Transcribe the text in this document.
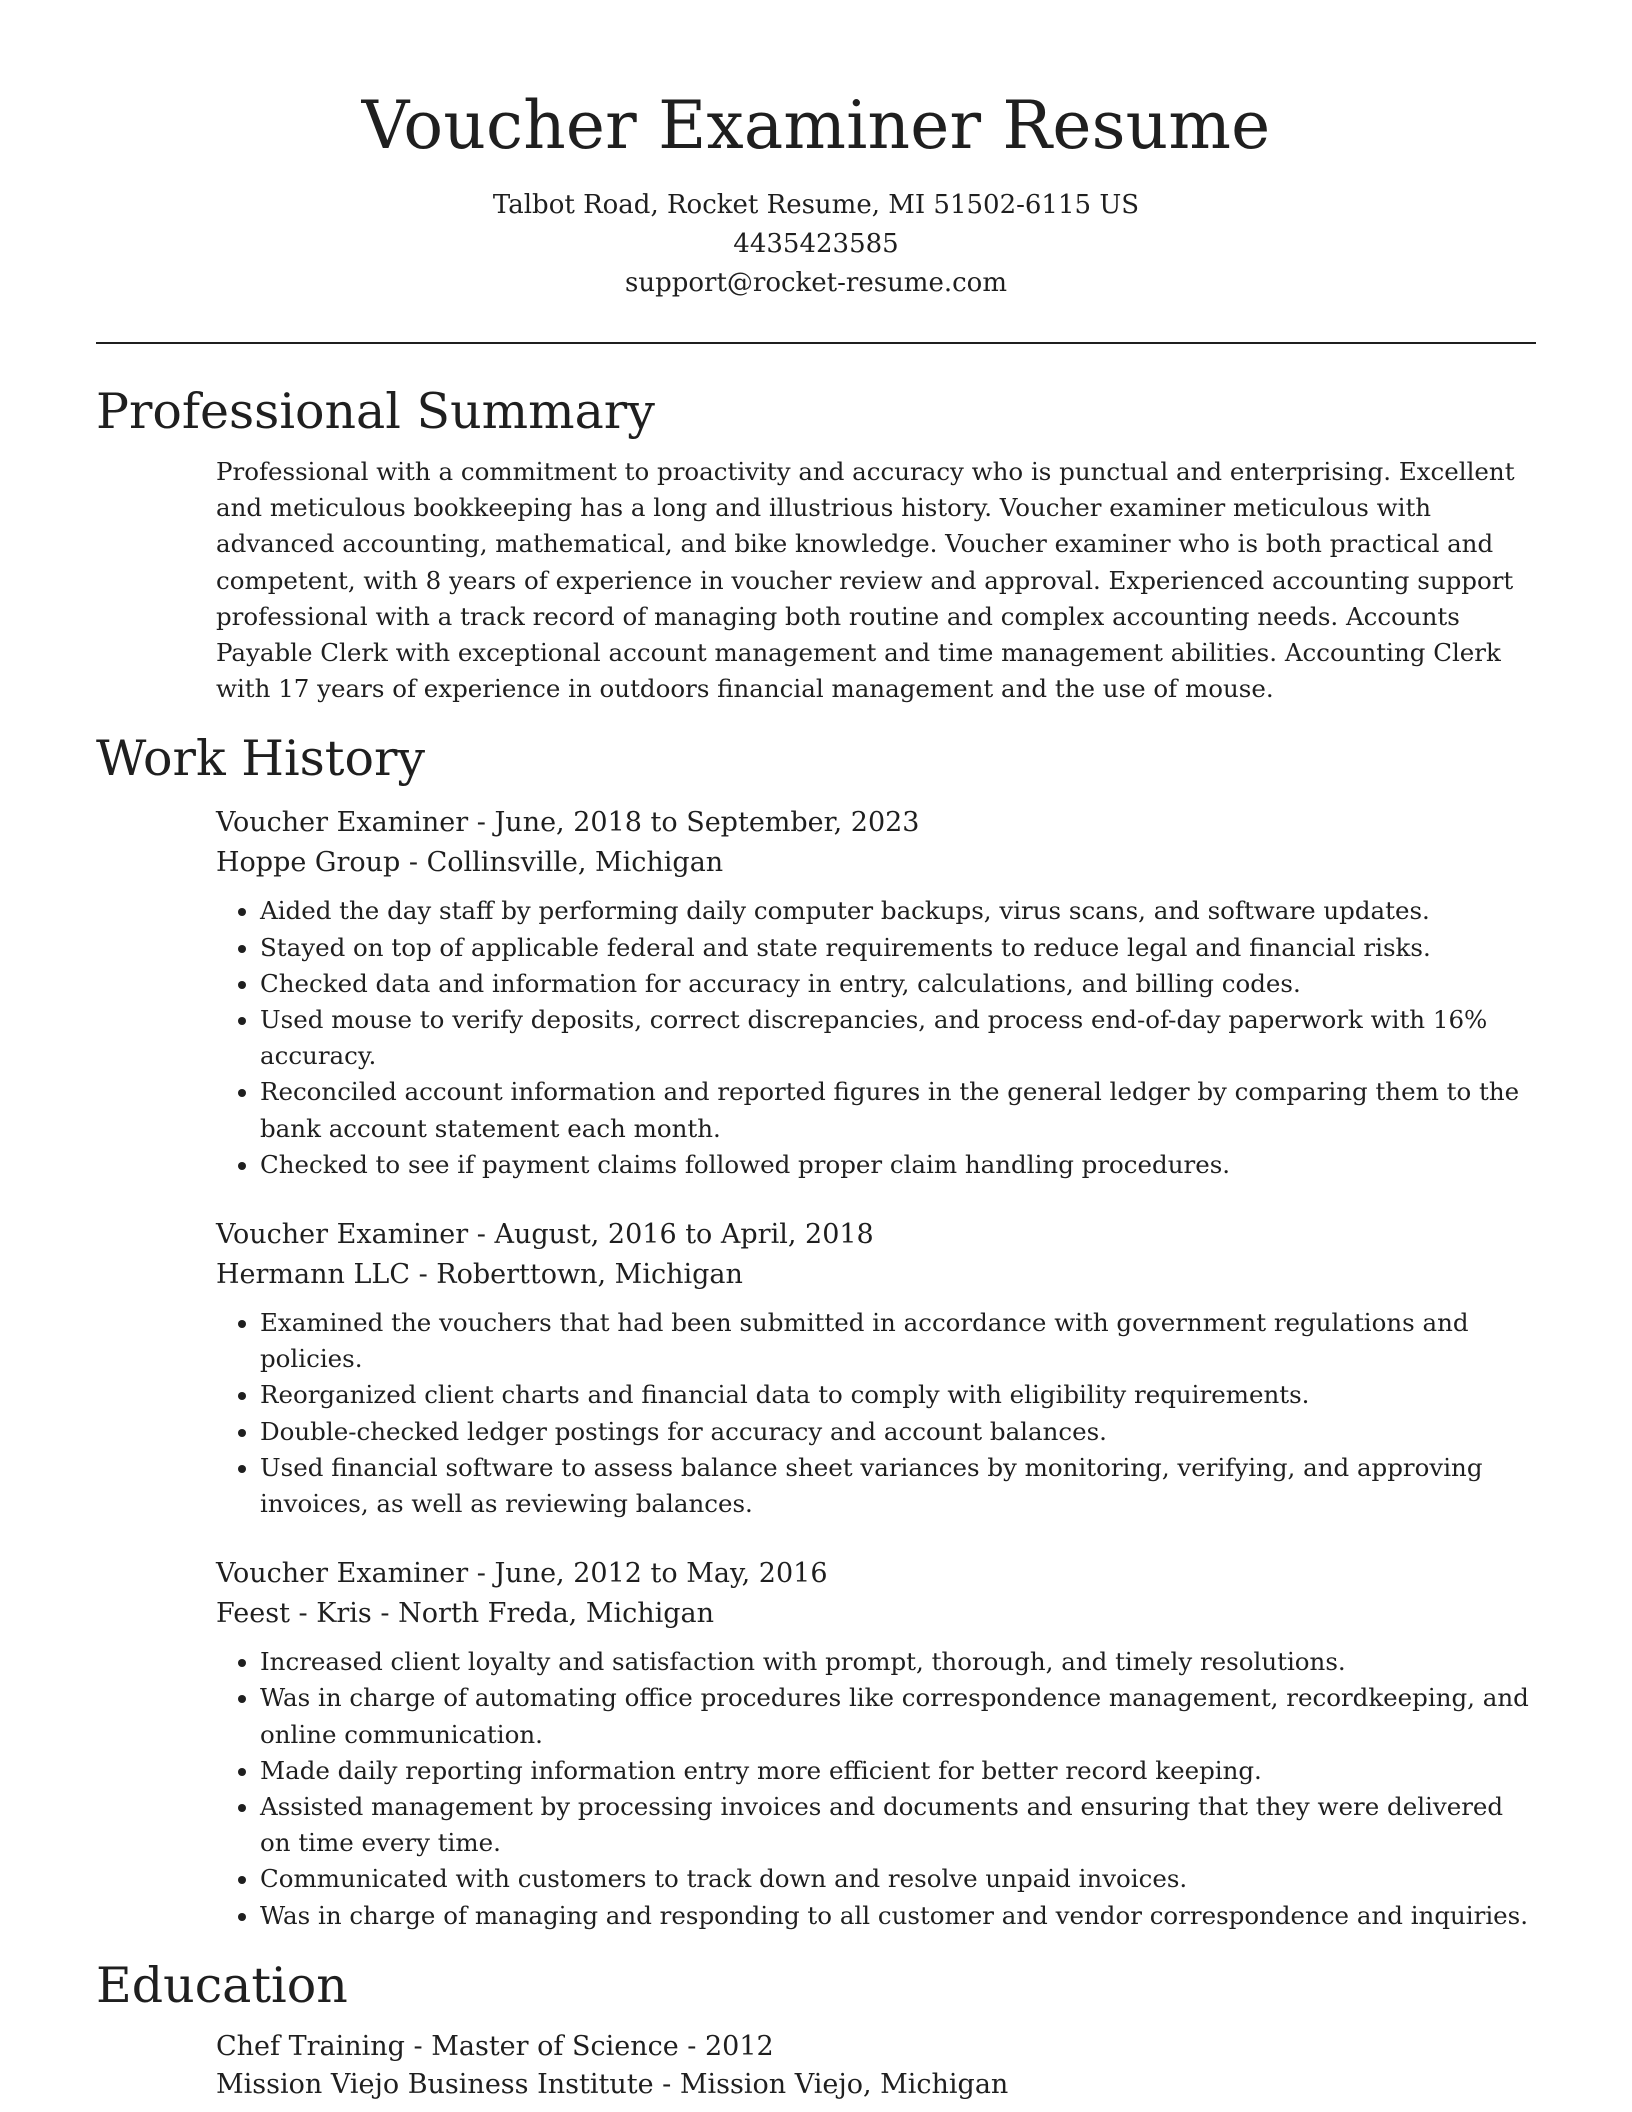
Voucher Examiner Resume
Talbot Road, Rocket Resume, MI 51502-6115 US
4435423585
support@rocket-resume.com
Professional Summary

Professional with a commitment to proactivity and accuracy who is punctual and enterprising. Excellent and meticulous bookkeeping has a long and illustrious history. Voucher examiner meticulous with advanced accounting, mathematical, and bike knowledge. Voucher examiner who is both practical and competent, with 8 years of experience in voucher review and approval. Experienced accounting support professional with a track record of managing both routine and complex accounting needs. Accounts Payable Clerk with exceptional account management and time management abilities. Accounting Clerk with 17 years of experience in outdoors financial management and the use of mouse.

Work History
Voucher Examiner - June, 2018 to September, 2023
Hoppe Group - Collinsville, Michigan
• Aided the day staff by performing daily computer backups, virus scans, and software updates.
• Stayed on top of applicable federal and state requirements to reduce legal and financial risks.
• Checked data and information for accuracy in entry, calculations, and billing codes.
• Used mouse to verify deposits, correct discrepancies, and process end-of-day paperwork with 16% accuracy.
• Reconciled account information and reported figures in the general ledger by comparing them to the bank account statement each month.
• Checked to see if payment claims followed proper claim handling procedures.
Voucher Examiner - August, 2016 to April, 2018
Hermann LLC - Roberttown, Michigan
• Examined the vouchers that had been submitted in accordance with government regulations and policies.
• Reorganized client charts and financial data to comply with eligibility requirements.
• Double-checked ledger postings for accuracy and account balances.
• Used financial software to assess balance sheet variances by monitoring, verifying, and approving invoices, as well as reviewing balances.
Voucher Examiner - June, 2012 to May, 2016
Feest - Kris - North Freda, Michigan
• Increased client loyalty and satisfaction with prompt, thorough, and timely resolutions.
• Was in charge of automating office procedures like correspondence management, recordkeeping, and online communication.
• Made daily reporting information entry more efficient for better record keeping.
• Assisted management by processing invoices and documents and ensuring that they were delivered on time every time.
• Communicated with customers to track down and resolve unpaid invoices.
• Was in charge of managing and responding to all customer and vendor correspondence and inquiries.
Education
Chef Training - Master of Science - 2012
Mission Viejo Business Institute - Mission Viejo, Michigan
